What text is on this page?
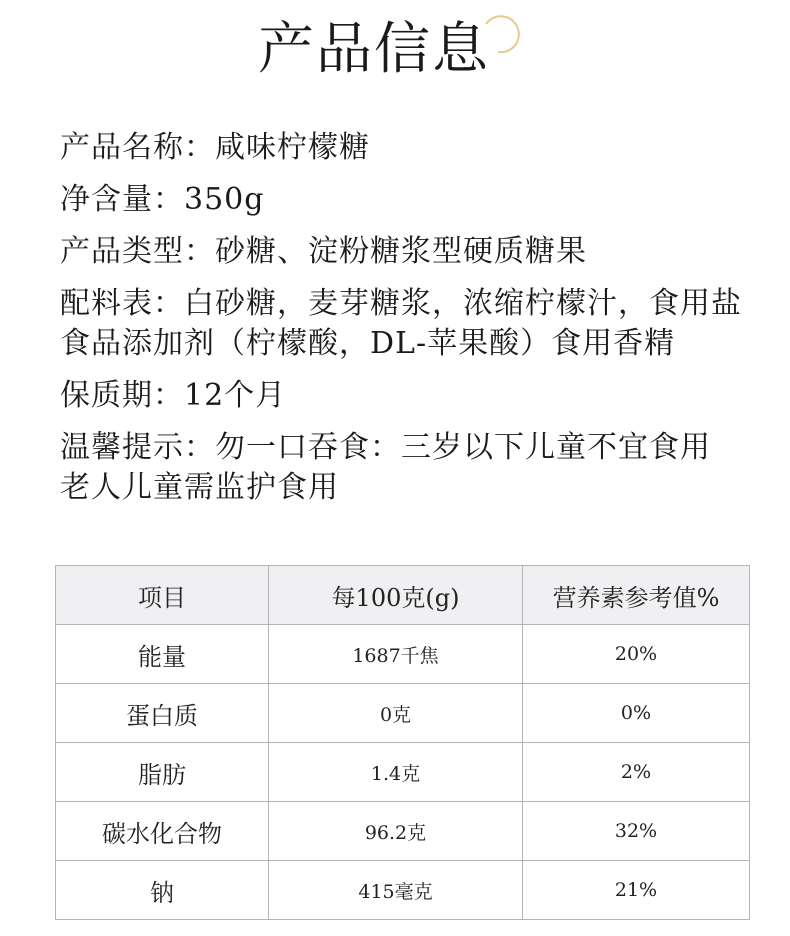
产品信息
产品名称：咸味柠檬糖
净含量：350g
产品类型：砂糖、淀粉糖浆型硬质糖果
配料表：白砂糖，麦芽糖浆，浓缩柠檬汁，食用盐
食品添加剂（柠檬酸，DL-苹果酸）食用香精
保质期：12个月
温馨提示：勿一口吞食：三岁以下儿童不宜食用
老人儿童需监护食用
项目	每100克(g)	营养素参考值%
能量	1687千焦	20%
蛋白质	0克	0%
脂肪	1.4克	2%
碳水化合物	96.2克	32%
钠	415毫克	21%
